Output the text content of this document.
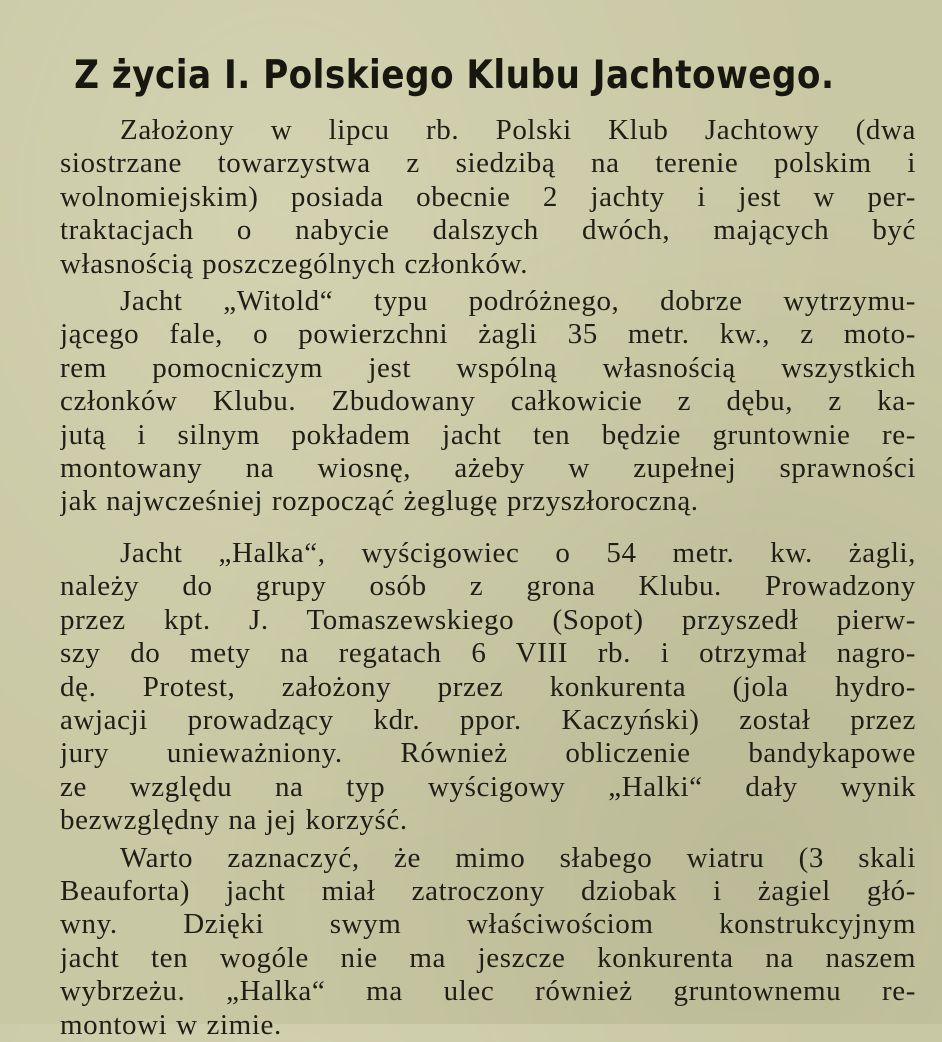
Z życia I. Polskiego Klubu Jachtowego.

Założony w lipcu rb. Polski Klub Jachtowy (dwa
siostrzane towarzystwa z siedzibą na terenie polskim i
wolnomiejskim) posiada obecnie 2 jachty i jest w per-
traktacjach o nabycie dalszych dwóch, mających być
własnością poszczególnych członków.

Jacht „Witold“ typu podróżnego, dobrze wytrzymu-
jącego fale, o powierzchni żagli 35 metr. kw., z moto-
rem pomocniczym jest wspólną własnością wszystkich
członków Klubu. Zbudowany całkowicie z dębu, z ka-
jutą i silnym pokładem jacht ten będzie gruntownie re-
montowany na wiosnę, ażeby w zupełnej sprawności
jak najwcześniej rozpocząć żeglugę przyszłoroczną.

Jacht „Halka“, wyścigowiec o 54 metr. kw. żagli,
należy do grupy osób z grona Klubu. Prowadzony
przez kpt. J. Tomaszewskiego (Sopot) przyszedł pierw-
szy do mety na regatach 6 VIII rb. i otrzymał nagro-
dę. Protest, założony przez konkurenta (jola hydro-
awjacji prowadzący kdr. ppor. Kaczyński) został przez
jury unieważniony. Również obliczenie bandykapowe
ze względu na typ wyścigowy „Halki“ dały wynik
bezwzględny na jej korzyść.

Warto zaznaczyć, że mimo słabego wiatru (3 skali
Beauforta) jacht miał zatroczony dziobak i żagiel głó-
wny. Dzięki swym właściwościom konstrukcyjnym
jacht ten wogóle nie ma jeszcze konkurenta na naszem
wybrzeżu. „Halka“ ma ulec również gruntownemu re-
montowi w zimie.
